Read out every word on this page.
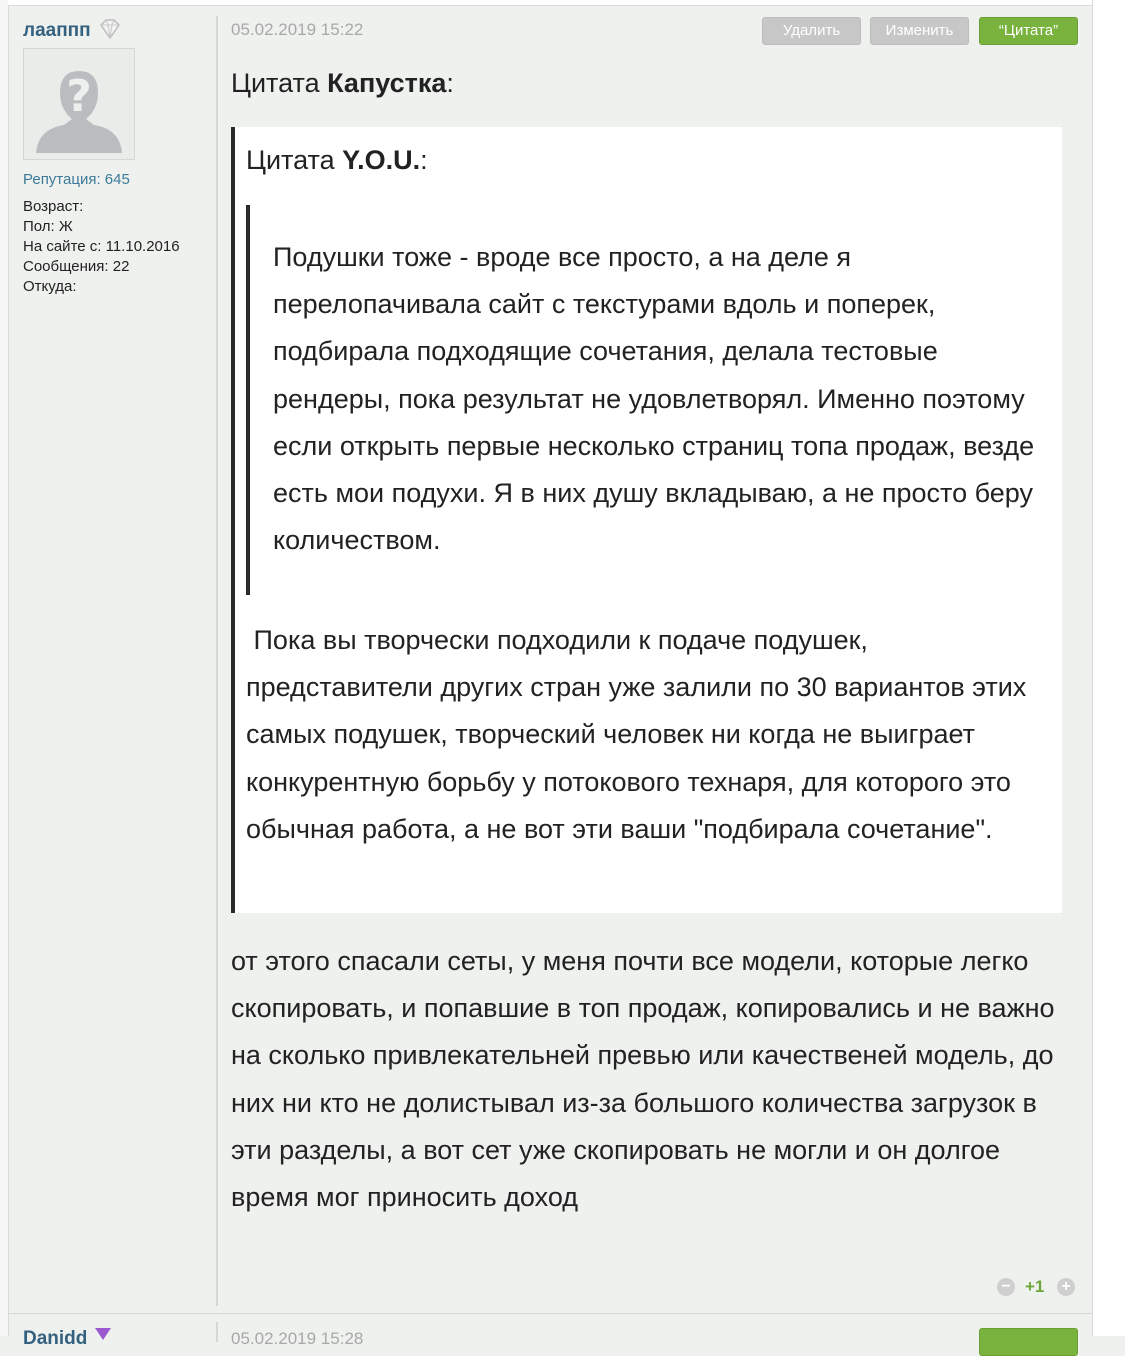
лааппп
?
Репутация: 645
Возраст:
Пол: Ж
На сайте с: 11.10.2016
Сообщения: 22
Откуда:
05.02.2019 15:22	Удалить	Изменить	“Цитата”
Цитата Капустка:
Цитата Y.O.U.:
Подушки тоже - вроде все просто, а на деле я перелопачивала сайт с текстурами вдоль и поперек, подбирала подходящие сочетания, делала тестовые рендеры, пока результат не удовлетворял. Именно поэтому если открыть первые несколько страниц топа продаж, везде есть мои подухи. Я в них душу вкладываю, а не просто беру количеством.
Пока вы творчески подходили к подаче подушек, представители других стран уже залили по 30 вариантов этих самых подушек, творческий человек ни когда не выиграет конкурентную борьбу у потокового технаря, для которого это обычная работа, а не вот эти ваши "подбирала сочетание".
от этого спасали сеты, у меня почти все модели, которые легко скопировать, и попавшие в топ продаж, копировались и не важно на сколько привлекательней превью или качественей модель, до них ни кто не долистывал из-за большого количества загрузок в эти разделы, а вот сет уже скопировать не могли и он долгое время мог приносить доход
− +1 +
Danidd	05.02.2019 15:28
